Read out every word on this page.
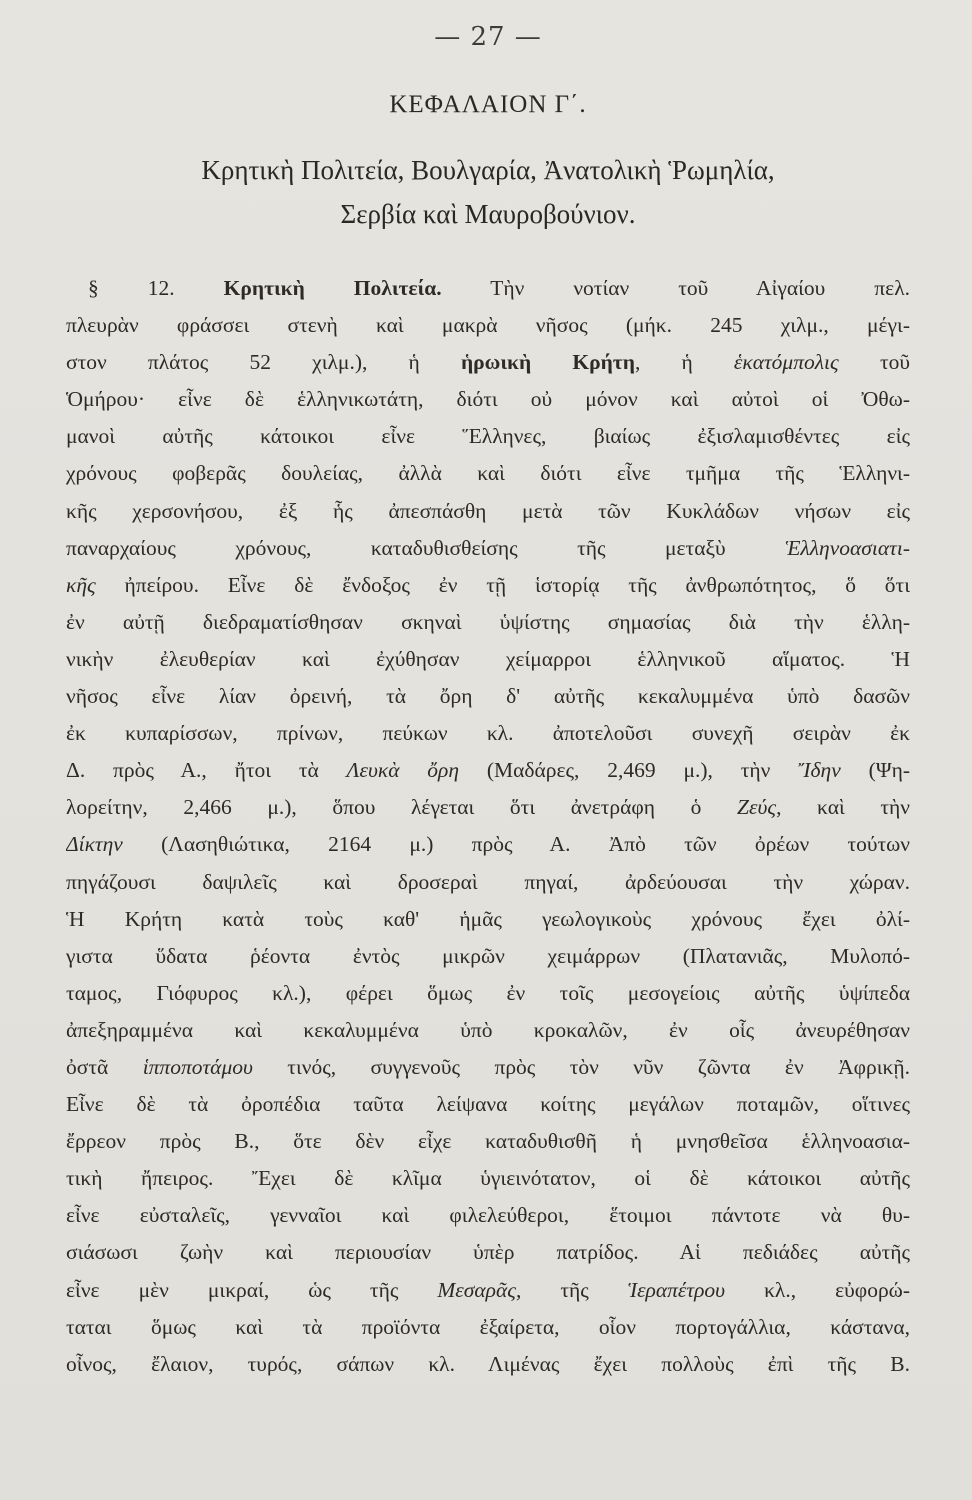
— 27 —
ΚΕΦΑΛΑΙΟΝ Γ΄.
Κρητικὴ Πολιτεία, Βουλγαρία, Ἀνατολικὴ Ῥωμηλία,
Σερβία καὶ Μαυροβούνιον.
§ 12. Κρητικὴ Πολιτεία. Τὴν νοτίαν τοῦ Αἰγαίου πελ.
πλευρὰν φράσσει στενὴ καὶ μακρὰ νῆσος (μήκ. 245 χιλμ., μέγι-
στον πλάτος 52 χιλμ.), ἡ ἡρωικὴ Κρήτη, ἡ ἑκατόμπολις τοῦ
Ὁμήρου· εἶνε δὲ ἑλληνικωτάτη, διότι οὐ μόνον καὶ αὐτοὶ οἱ Ὀθω-
μανοὶ αὐτῆς κάτοικοι εἶνε Ἕλληνες, βιαίως ἐξισλαμισθέντες εἰς
χρόνους φοβερᾶς δουλείας, ἀλλὰ καὶ διότι εἶνε τμῆμα τῆς Ἑλληνι-
κῆς χερσονήσου, ἐξ ἧς ἀπεσπάσθη μετὰ τῶν Κυκλάδων νήσων εἰς
παναρχαίους χρόνους, καταδυθισθείσης τῆς μεταξὺ Ἑλληνοασιατι-
κῆς ἠπείρου. Εἶνε δὲ ἔνδοξος ἐν τῇ ἱστορίᾳ τῆς ἀνθρωπότητος, ὅ ὅτι
ἐν αὐτῇ διεδραματίσθησαν σκηναὶ ὑψίστης σημασίας διὰ τὴν ἑλλη-
νικὴν ἐλευθερίαν καὶ ἐχύθησαν χείμαρροι ἑλληνικοῦ αἵματος. Ἡ
νῆσος εἶνε λίαν ὀρεινή, τὰ ὄρη δ' αὐτῆς κεκαλυμμένα ὑπὸ δασῶν
ἐκ κυπαρίσσων, πρίνων, πεύκων κλ. ἀποτελοῦσι συνεχῆ σειρὰν ἐκ
Δ. πρὸς Α., ἤτοι τὰ Λευκὰ ὄρη (Μαδάρες, 2,469 μ.), τὴν Ἴδην (Ψη-
λορείτην, 2,466 μ.), ὅπου λέγεται ὅτι ἀνετράφη ὁ Ζεύς, καὶ τὴν
Δίκτην (Λασηθιώτικα, 2164 μ.) πρὸς Α. Ἀπὸ τῶν ὀρέων τούτων
πηγάζουσι δαψιλεῖς καὶ δροσεραὶ πηγαί, ἀρδεύουσαι τὴν χώραν.
Ἡ Κρήτη κατὰ τοὺς καθ' ἡμᾶς γεωλογικοὺς χρόνους ἔχει ὀλί-
γιστα ὕδατα ῥέοντα ἐντὸς μικρῶν χειμάρρων (Πλατανιᾶς, Μυλοπό-
ταμος, Γιόφυρος κλ.), φέρει ὅμως ἐν τοῖς μεσογείοις αὐτῆς ὑψίπεδα
ἀπεξηραμμένα καὶ κεκαλυμμένα ὑπὸ κροκαλῶν, ἐν οἷς ἀνευρέθησαν
ὀστᾶ ἱπποποτάμου τινός, συγγενοῦς πρὸς τὸν νῦν ζῶντα ἐν Ἀφρικῇ.
Εἶνε δὲ τὰ ὀροπέδια ταῦτα λείψανα κοίτης μεγάλων ποταμῶν, οἵτινες
ἔρρεον πρὸς Β., ὅτε δὲν εἶχε καταδυθισθῆ ἡ μνησθεῖσα ἑλληνοασια-
τικὴ ἤπειρος. Ἔχει δὲ κλῖμα ὑγιεινότατον, οἱ δὲ κάτοικοι αὐτῆς
εἶνε εὐσταλεῖς, γενναῖοι καὶ φιλελεύθεροι, ἕτοιμοι πάντοτε νὰ θυ-
σιάσωσι ζωὴν καὶ περιουσίαν ὑπὲρ πατρίδος. Αἱ πεδιάδες αὐτῆς
εἶνε μὲν μικραί, ὡς τῆς Μεσαρᾶς, τῆς Ἱεραπέτρου κλ., εὐφορώ-
ταται ὅμως καὶ τὰ προϊόντα ἐξαίρετα, οἷον πορτογάλλια, κάστανα,
οἶνος, ἔλαιον, τυρός, σάπων κλ. Λιμένας ἔχει πολλοὺς ἐπὶ τῆς Β.
